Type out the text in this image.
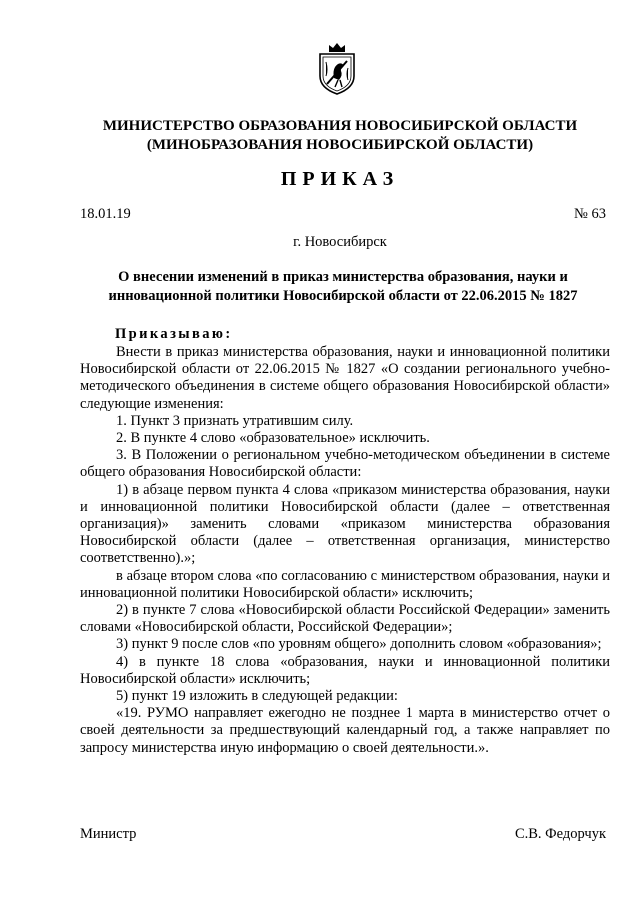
МИНИСТЕРСТВО ОБРАЗОВАНИЯ НОВОСИБИРСКОЙ ОБЛАСТИ
(МИНОБРАЗОВАНИЯ НОВОСИБИРСКОЙ ОБЛАСТИ)
ПРИКАЗ
18.01.19	№ 63
г. Новосибирск
О внесении изменений в приказ министерства образования, науки и инновационной политики Новосибирской области от 22.06.2015 № 1827
Приказываю:

Внести в приказ министерства образования, науки и инновационной политики Новосибирской области от 22.06.2015 № 1827 «О создании регионального учебно-методического объединения в системе общего образования Новосибирской области» следующие изменения:

1. Пункт 3 признать утратившим силу.

2. В пункте 4 слово «образовательное» исключить.

3. В Положении о региональном учебно-методическом объединении в системе общего образования Новосибирской области:

1) в абзаце первом пункта 4 слова «приказом министерства образования, науки и инновационной политики Новосибирской области (далее – ответственная организация)» заменить словами «приказом министерства образования Новосибирской области (далее – ответственная организация, министерство соответственно).»;

в абзаце втором слова «по согласованию с министерством образования, науки и инновационной политики Новосибирской области» исключить;

2) в пункте 7 слова «Новосибирской области Российской Федерации» заменить словами «Новосибирской области, Российской Федерации»;

3) пункт 9 после слов «по уровням общего» дополнить словом «образования»;

4) в пункте 18 слова «образования, науки и инновационной политики Новосибирской области» исключить;

5) пункт 19 изложить в следующей редакции:

«19. РУМО направляет ежегодно не позднее 1 марта в министерство отчет о своей деятельности за предшествующий календарный год, а также направляет по запросу министерства иную информацию о своей деятельности.».

Министр	С.В. Федорчук
